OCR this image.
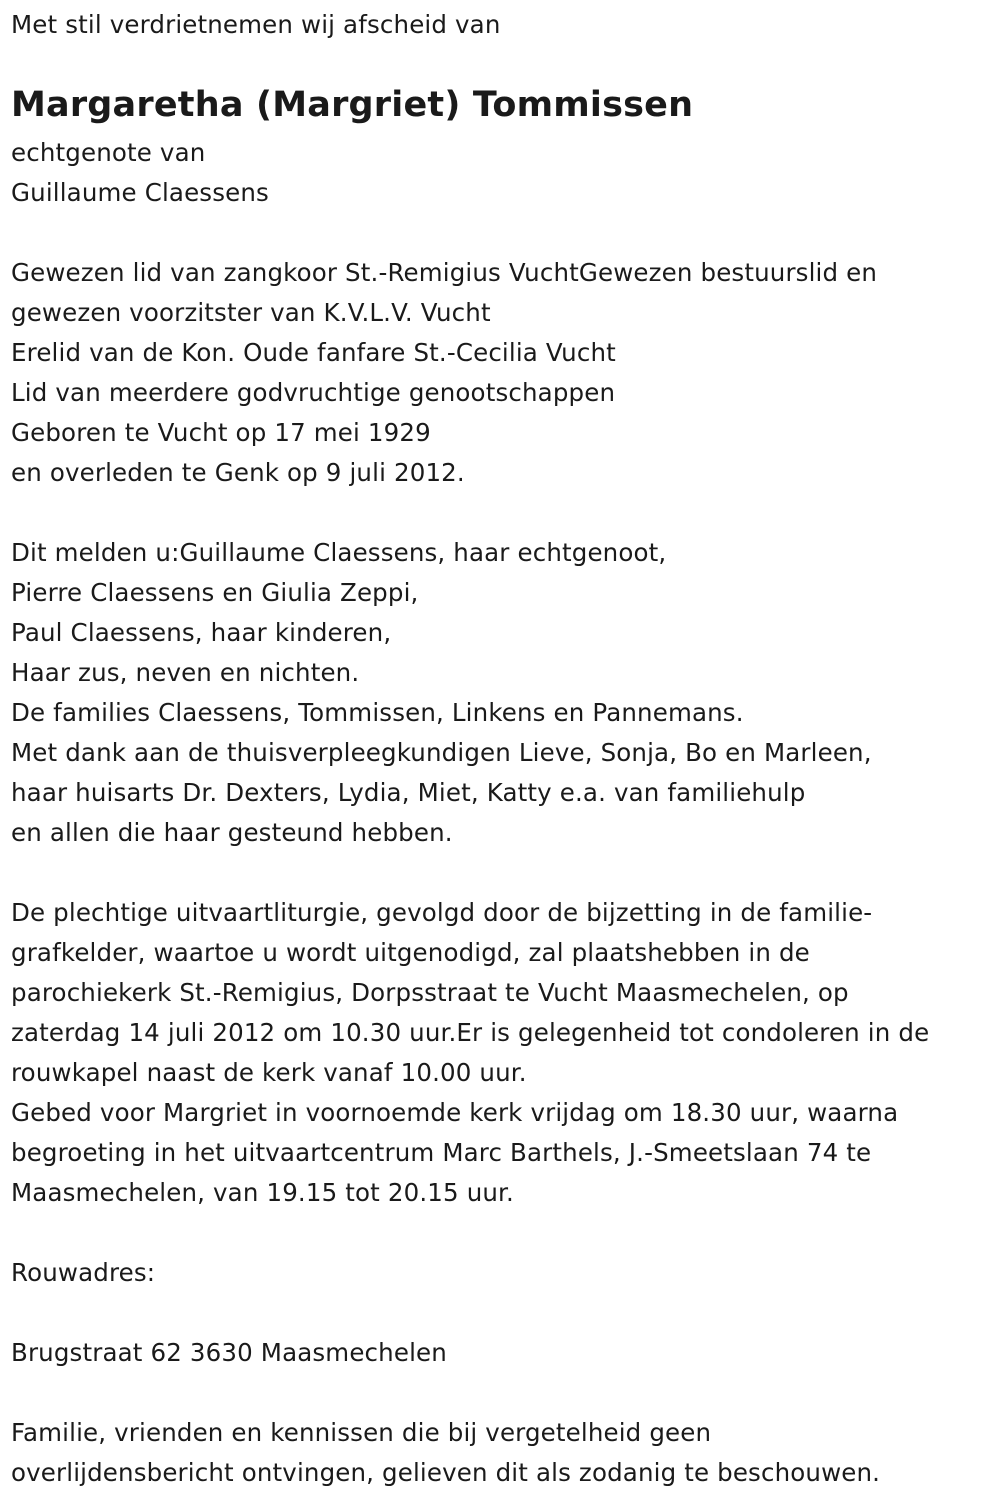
Met stil verdrietnemen wij afscheid van
Margaretha (Margriet) Tommissen
echtgenote van
Guillaume Claessens
Gewezen lid van zangkoor St.-Remigius VuchtGewezen bestuurslid en
gewezen voorzitster van K.V.L.V. Vucht
Erelid van de Kon. Oude fanfare St.-Cecilia Vucht
Lid van meerdere godvruchtige genootschappen
Geboren te Vucht op 17 mei 1929
en overleden te Genk op 9 juli 2012.
Dit melden u:Guillaume Claessens, haar echtgenoot,
Pierre Claessens en Giulia Zeppi,
Paul Claessens, haar kinderen,
Haar zus, neven en nichten.
De families Claessens, Tommissen, Linkens en Pannemans.
Met dank aan de thuisverpleegkundigen Lieve, Sonja, Bo en Marleen,
haar huisarts Dr. Dexters, Lydia, Miet, Katty e.a. van familiehulp
en allen die haar gesteund hebben.
De plechtige uitvaartliturgie, gevolgd door de bijzetting in de familie-
grafkelder, waartoe u wordt uitgenodigd, zal plaatshebben in de
parochiekerk St.-Remigius, Dorpsstraat te Vucht Maasmechelen, op
zaterdag 14 juli 2012 om 10.30 uur.Er is gelegenheid tot condoleren in de
rouwkapel naast de kerk vanaf 10.00 uur.
Gebed voor Margriet in voornoemde kerk vrijdag om 18.30 uur, waarna
begroeting in het uitvaartcentrum Marc Barthels, J.-Smeetslaan 74 te
Maasmechelen, van 19.15 tot 20.15 uur.
Rouwadres:
Brugstraat 62 3630 Maasmechelen
Familie, vrienden en kennissen die bij vergetelheid geen
overlijdensbericht ontvingen, gelieven dit als zodanig te beschouwen.
